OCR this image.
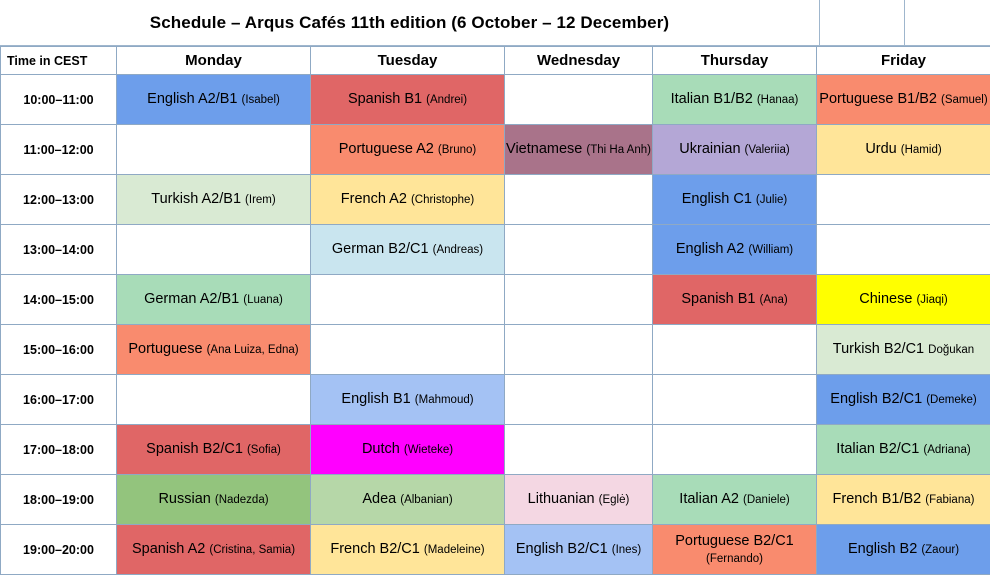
Schedule – Arqus Cafés 11th edition (6 October – 12 December)
Time in CEST	Monday	Tuesday	Wednesday	Thursday	Friday
10:00–11:00	English A2/B1 (Isabel)	Spanish B1 (Andrei)		Italian B1/B2 (Hanaa)	Portuguese B1/B2 (Samuel)
11:00–12:00		Portuguese A2 (Bruno)	Vietnamese (Thi Ha Anh)	Ukrainian (Valeriia)	Urdu (Hamid)
12:00–13:00	Turkish A2/B1 (Irem)	French A2 (Christophe)		English C1 (Julie)	
13:00–14:00		German B2/C1 (Andreas)		English A2 (William)	
14:00–15:00	German A2/B1 (Luana)			Spanish B1 (Ana)	Chinese (Jiaqi)
15:00–16:00	Portuguese (Ana Luiza, Edna)				Turkish B2/C1 Doğukan
16:00–17:00		English B1 (Mahmoud)			English B2/C1 (Demeke)
17:00–18:00	Spanish B2/C1 (Sofia)	Dutch (Wieteke)			Italian B2/C1 (Adriana)
18:00–19:00	Russian (Nadezda)	Adea (Albanian)	Lithuanian (Eglė)	Italian A2 (Daniele)	French B1/B2 (Fabiana)
19:00–20:00	Spanish A2 (Cristina, Samia)	French B2/C1 (Madeleine)	English B2/C1 (Ines)	Portuguese B2/C1 (Fernando)	English B2 (Zaour)
